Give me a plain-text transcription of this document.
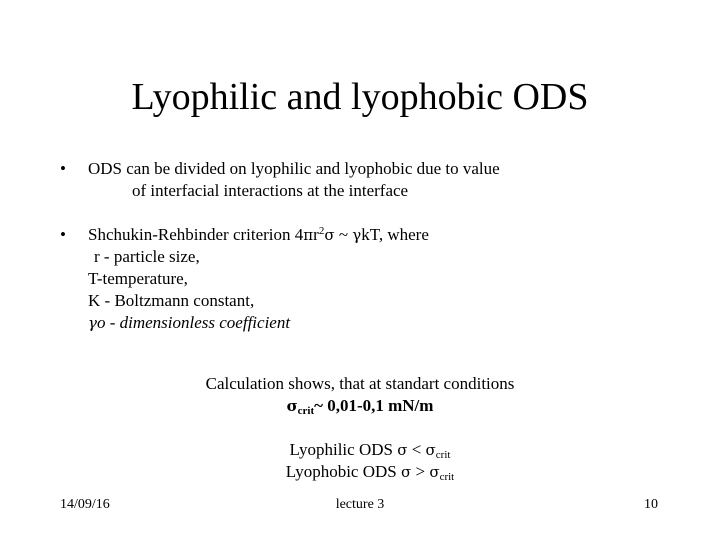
Lyophilic and lyophobic ODS
• ODS can be divided on lyophilic and lyophobic due to value
of interfacial interactions at the interface
• Shchukin-Rehbinder criterion $4\pi r^2\sigma$ ~ γkT, where
r - particle size,
T-temperature,
K - Boltzmann constant,
γo - dimensionless coefficient
Calculation shows, that at standart conditions
$\sigma_{crit}\sim$ 0,01-0,1 mN/m
Lyophilic ODS $\sigma < \sigma_{crit}$
Lyophobic ODS $\sigma > \sigma_{crit}$
14/09/16	lecture 3	10
